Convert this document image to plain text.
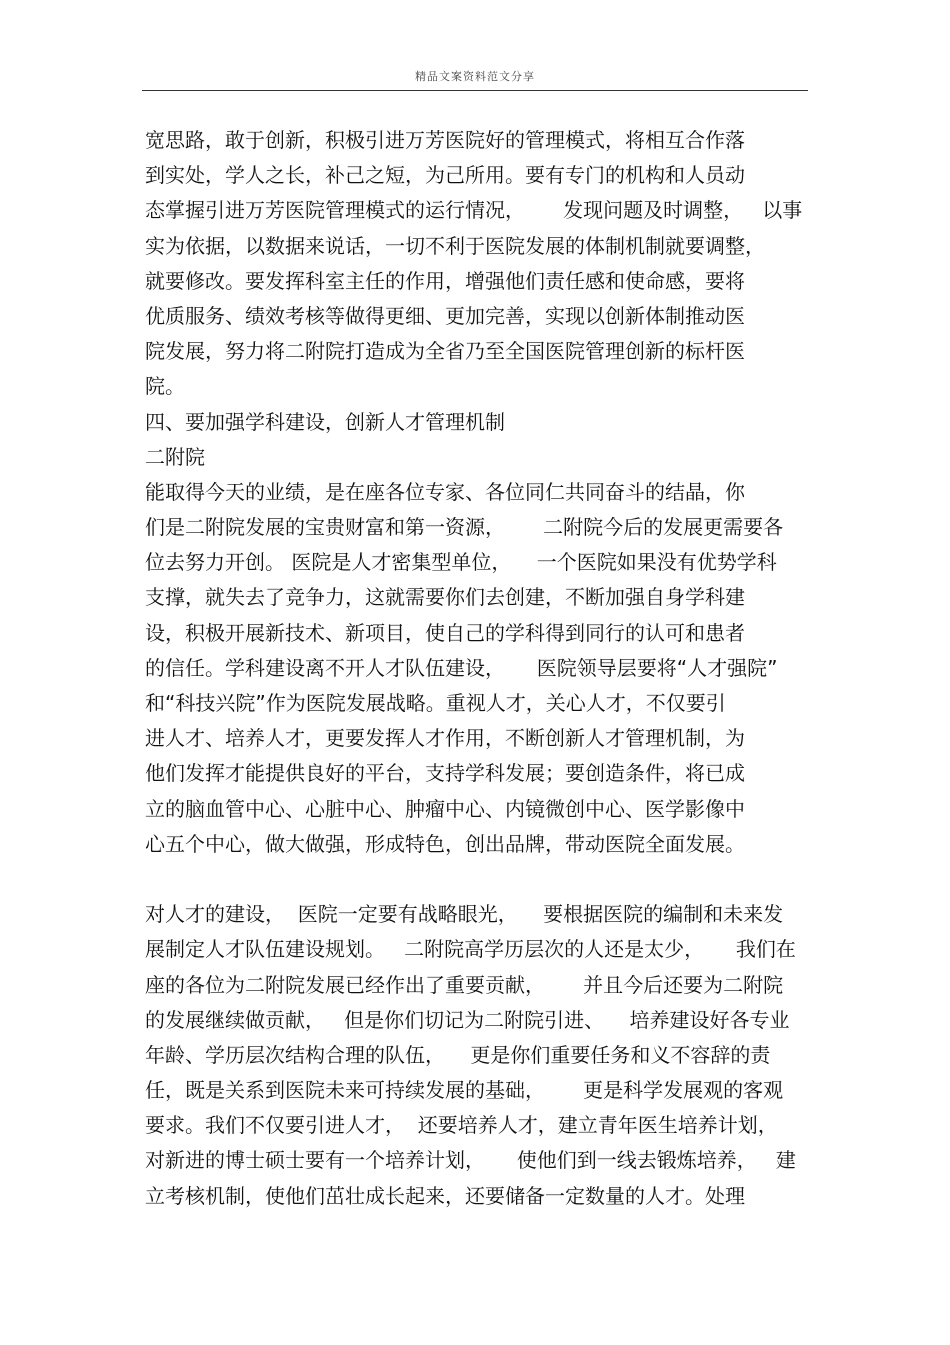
精品文案资料范文分享
宽思路，敢于创新，积极引进万芳医院好的管理模式，将相互合作落
到实处，学人之长，补己之短，为己所用。要有专门的机构和人员动
态掌握引进万芳医院管理模式的运行情况，      发现问题及时调整，   以事
实为依据，以数据来说话，一切不利于医院发展的体制机制就要调整，
就要修改。要发挥科室主任的作用，增强他们责任感和使命感，要将
优质服务、绩效考核等做得更细、更加完善，实现以创新体制推动医
院发展，努力将二附院打造成为全省乃至全国医院管理创新的标杆医
院。
四、要加强学科建设，创新人才管理机制
二附院
能取得今天的业绩，是在座各位专家、各位同仁共同奋斗的结晶，你
们是二附院发展的宝贵财富和第一资源，      二附院今后的发展更需要各
位去努力开创。 医院是人才密集型单位，    一个医院如果没有优势学科
支撑，就失去了竞争力，这就需要你们去创建，不断加强自身学科建
设，积极开展新技术、新项目，使自己的学科得到同行的认可和患者
的信任。学科建设离不开人才队伍建设，     医院领导层要将“人才强院”
和“科技兴院”作为医院发展战略。重视人才，关心人才，不仅要引
进人才、培养人才，更要发挥人才作用，不断创新人才管理机制，为
他们发挥才能提供良好的平台，支持学科发展；要创造条件，将已成
立的脑血管中心、心脏中心、肿瘤中心、内镜微创中心、医学影像中
心五个中心，做大做强，形成特色，创出品牌，带动医院全面发展。
对人才的建设，  医院一定要有战略眼光，    要根据医院的编制和未来发
展制定人才队伍建设规划。   二附院高学历层次的人还是太少，     我们在
座的各位为二附院发展已经作出了重要贡献，      并且今后还要为二附院
的发展继续做贡献，   但是你们切记为二附院引进、    培养建设好各专业
年龄、学历层次结构合理的队伍，    更是你们重要任务和义不容辞的责
任，既是关系到医院未来可持续发展的基础，      更是科学发展观的客观
要求。我们不仅要引进人才，  还要培养人才，建立青年医生培养计划，
对新进的博士硕士要有一个培养计划，     使他们到一线去锻炼培养，   建
立考核机制，使他们茁壮成长起来，还要储备一定数量的人才。处理
